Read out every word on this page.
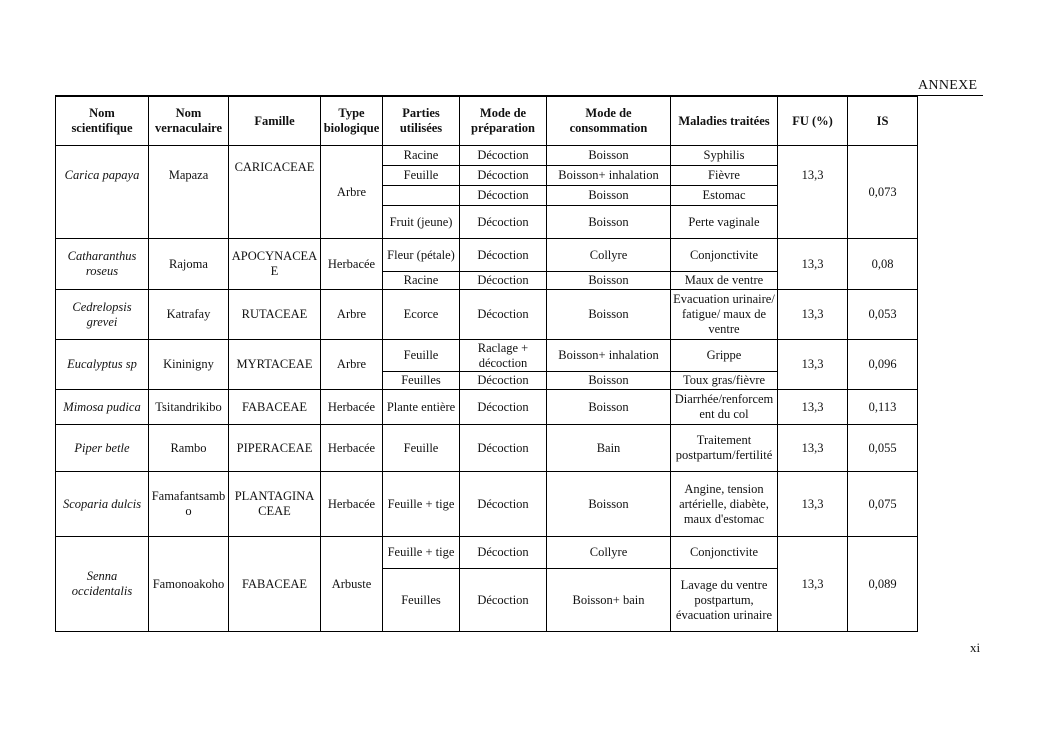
ANNEXE
Nom scientifique	Nom vernaculaire	Famille	Type biologique	Parties utilisées	Mode de préparation	Mode de consommation	Maladies traitées	FU (%)	IS
Carica papaya	Mapaza	CARICACEAE	Arbre	Racine	Décoction	Boisson	Syphilis	13,3	0,073
				Feuille	Décoction	Boisson+ inhalation	Fièvre		
					Décoction	Boisson	Estomac		
				Fruit (jeune)	Décoction	Boisson	Perte vaginale		
Catharanthus roseus	Rajoma	APOCYNACEAE	Herbacée	Fleur (pétale)	Décoction	Collyre	Conjonctivite	13,3	0,08
				Racine	Décoction	Boisson	Maux de ventre		
Cedrelopsis grevei	Katrafay	RUTACEAE	Arbre	Ecorce	Décoction	Boisson	Evacuation urinaire/ fatigue/ maux de ventre	13,3	0,053
Eucalyptus sp	Kininigny	MYRTACEAE	Arbre	Feuille	Raclage + décoction	Boisson+ inhalation	Grippe	13,3	0,096
				Feuilles	Décoction	Boisson	Toux gras/fièvre		
Mimosa pudica	Tsitandrikibo	FABACEAE	Herbacée	Plante entière	Décoction	Boisson	Diarrhée/renforcement du col	13,3	0,113
Piper betle	Rambo	PIPERACEAE	Herbacée	Feuille	Décoction	Bain	Traitement postpartum/fertilité	13,3	0,055
Scoparia dulcis	Famafantsambo	PLANTAGINACEAE	Herbacée	Feuille + tige	Décoction	Boisson	Angine, tension artérielle, diabète, maux d'estomac	13,3	0,075
Senna occidentalis	Famonoakoho	FABACEAE	Arbuste	Feuille + tige	Décoction	Collyre	Conjonctivite	13,3	0,089
				Feuilles	Décoction	Boisson+ bain	Lavage du ventre postpartum, évacuation urinaire		
xi
